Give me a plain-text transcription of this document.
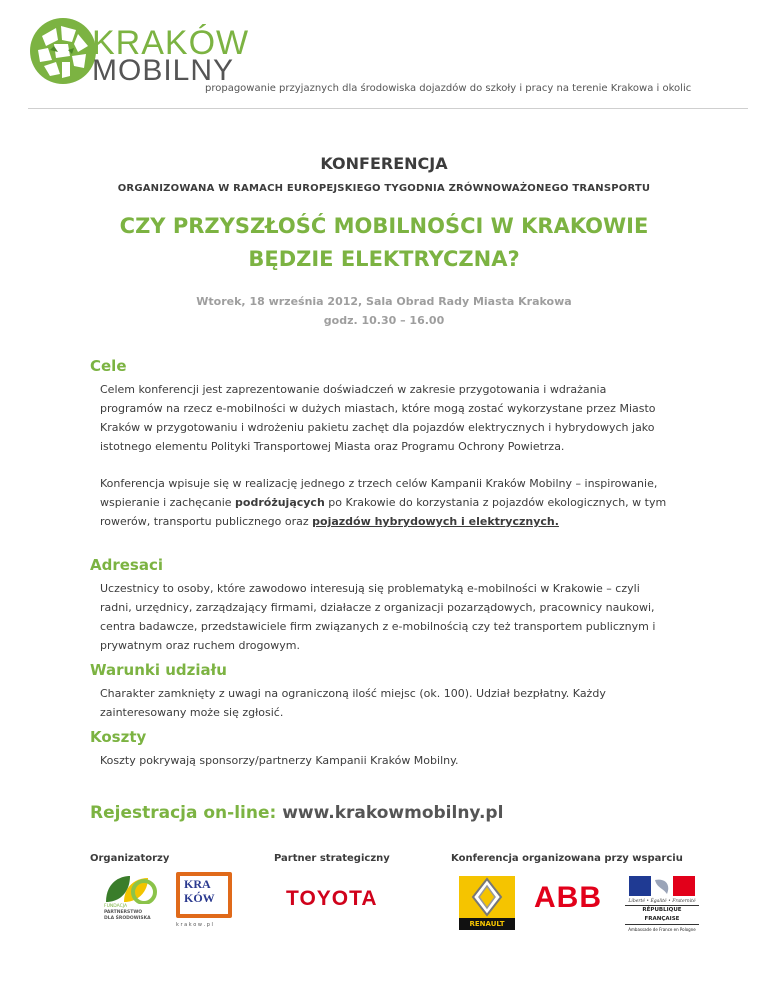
KRAKÓW
MOBILNY
propagowanie przyjaznych dla środowiska dojazdów do szkoły i pracy na terenie Krakowa i okolic
KONFERENCJA
ORGANIZOWANA W RAMACH EUROPEJSKIEGO TYGODNIA ZRÓWNOWAŻONEGO TRANSPORTU
CZY PRZYSZŁOŚĆ MOBILNOŚCI W KRAKOWIE
BĘDZIE ELEKTRYCZNA?
Wtorek, 18 września 2012, Sala Obrad Rady Miasta Krakowa
godz. 10.30 – 16.00
Cele
Celem konferencji jest zaprezentowanie doświadczeń w zakresie przygotowania i wdrażania programów na rzecz e-mobilności w dużych miastach, które mogą zostać wykorzystane przez Miasto Kraków w przygotowaniu i wdrożeniu pakietu zachęt dla pojazdów elektrycznych i hybrydowych jako istotnego elementu Polityki Transportowej Miasta oraz Programu Ochrony Powietrza.
Konferencja wpisuje się w realizację jednego z trzech celów Kampanii Kraków Mobilny – inspirowanie, wspieranie i zachęcanie podróżujących po Krakowie do korzystania z pojazdów ekologicznych, w tym rowerów, transportu publicznego oraz pojazdów hybrydowych i elektrycznych.
Adresaci
Uczestnicy to osoby, które zawodowo interesują się problematyką e-mobilności w Krakowie – czyli radni, urzędnicy, zarządzający firmami, działacze z organizacji pozarządowych, pracownicy naukowi, centra badawcze, przedstawiciele firm związanych z e-mobilnością czy też transportem publicznym i prywatnym oraz ruchem drogowym.
Warunki udziału
Charakter zamknięty z uwagi na ograniczoną ilość miejsc (ok. 100). Udział bezpłatny. Każdy zainteresowany może się zgłosić.
Koszty
Koszty pokrywają sponsorzy/partnerzy Kampanii Kraków Mobilny.
Rejestracja on-line: www.krakowmobilny.pl
Organizatorzy	Partner strategiczny	Konferencja organizowana przy wsparciu
FUNDACJA
PARTNERSTWO
DLA ŚRODOWISKA
KRA
KÓW
k r a k o w . p l
TOYOTA
RENAULT
ABB	Liberté • Égalité • Fraternité
RÉPUBLIQUE FRANÇAISE
Ambassade de France en Pologne
